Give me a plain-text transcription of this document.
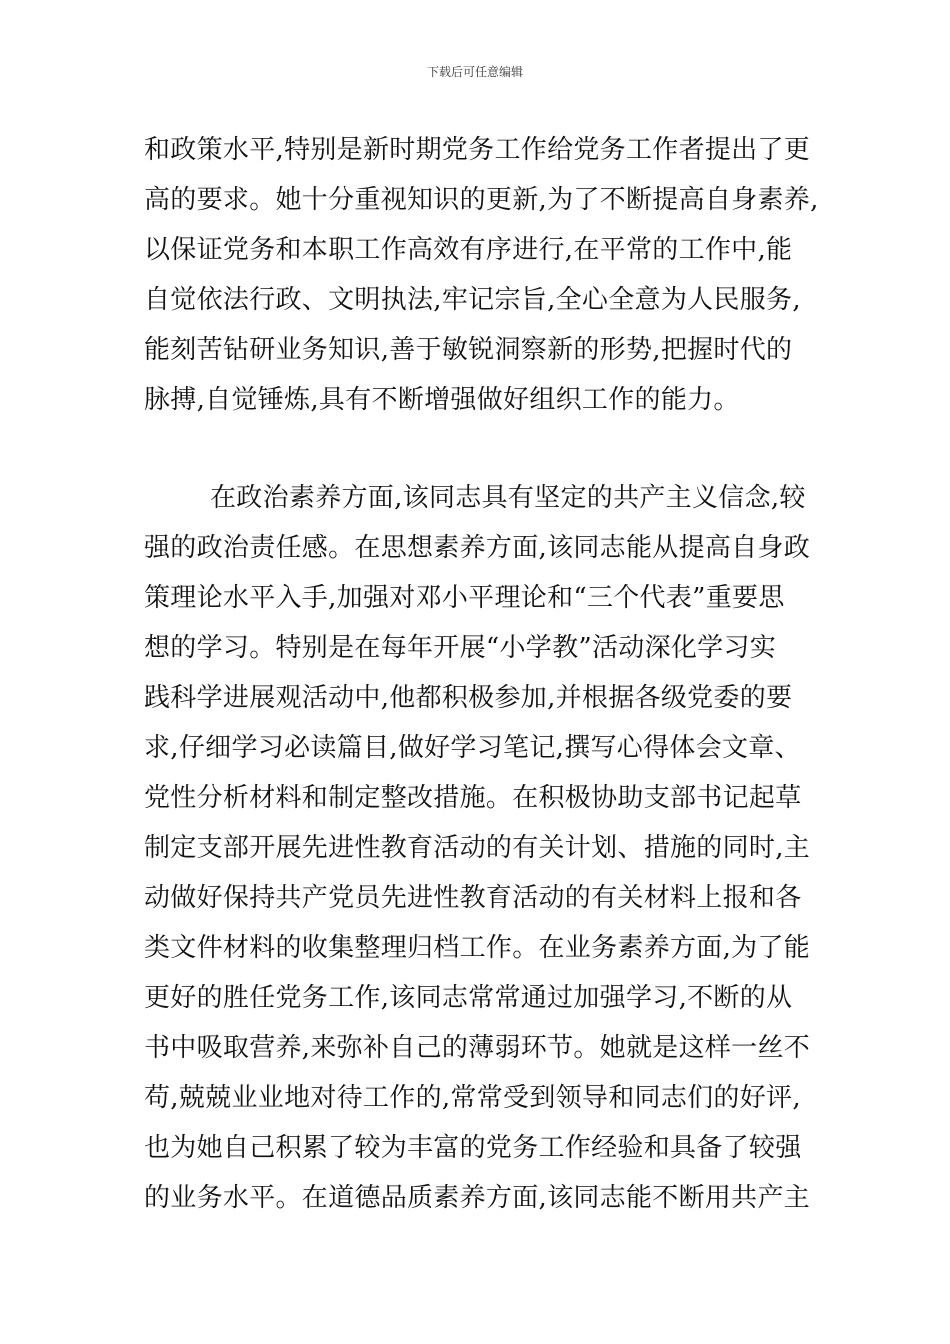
下载后可任意编辑
和政策水平,特别是新时期党务工作给党务工作者提出了更
高的要求。她十分重视知识的更新,为了不断提高自身素养,
以保证党务和本职工作高效有序进行,在平常的工作中,能
自觉依法行政、文明执法,牢记宗旨,全心全意为人民服务,
能刻苦钻研业务知识,善于敏锐洞察新的形势,把握时代的
脉搏,自觉锤炼,具有不断增强做好组织工作的能力。
在政治素养方面,该同志具有坚定的共产主义信念,较
强的政治责任感。在思想素养方面,该同志能从提高自身政
策理论水平入手,加强对邓小平理论和“三个代表”重要思
想的学习。特别是在每年开展“小学教”活动深化学习实
践科学进展观活动中,他都积极参加,并根据各级党委的要
求,仔细学习必读篇目,做好学习笔记,撰写心得体会文章、
党性分析材料和制定整改措施。在积极协助支部书记起草
制定支部开展先进性教育活动的有关计划、措施的同时,主
动做好保持共产党员先进性教育活动的有关材料上报和各
类文件材料的收集整理归档工作。在业务素养方面,为了能
更好的胜任党务工作,该同志常常通过加强学习,不断的从
书中吸取营养,来弥补自己的薄弱环节。她就是这样一丝不
苟,兢兢业业地对待工作的,常常受到领导和同志们的好评,
也为她自己积累了较为丰富的党务工作经验和具备了较强
的业务水平。在道德品质素养方面,该同志能不断用共产主
